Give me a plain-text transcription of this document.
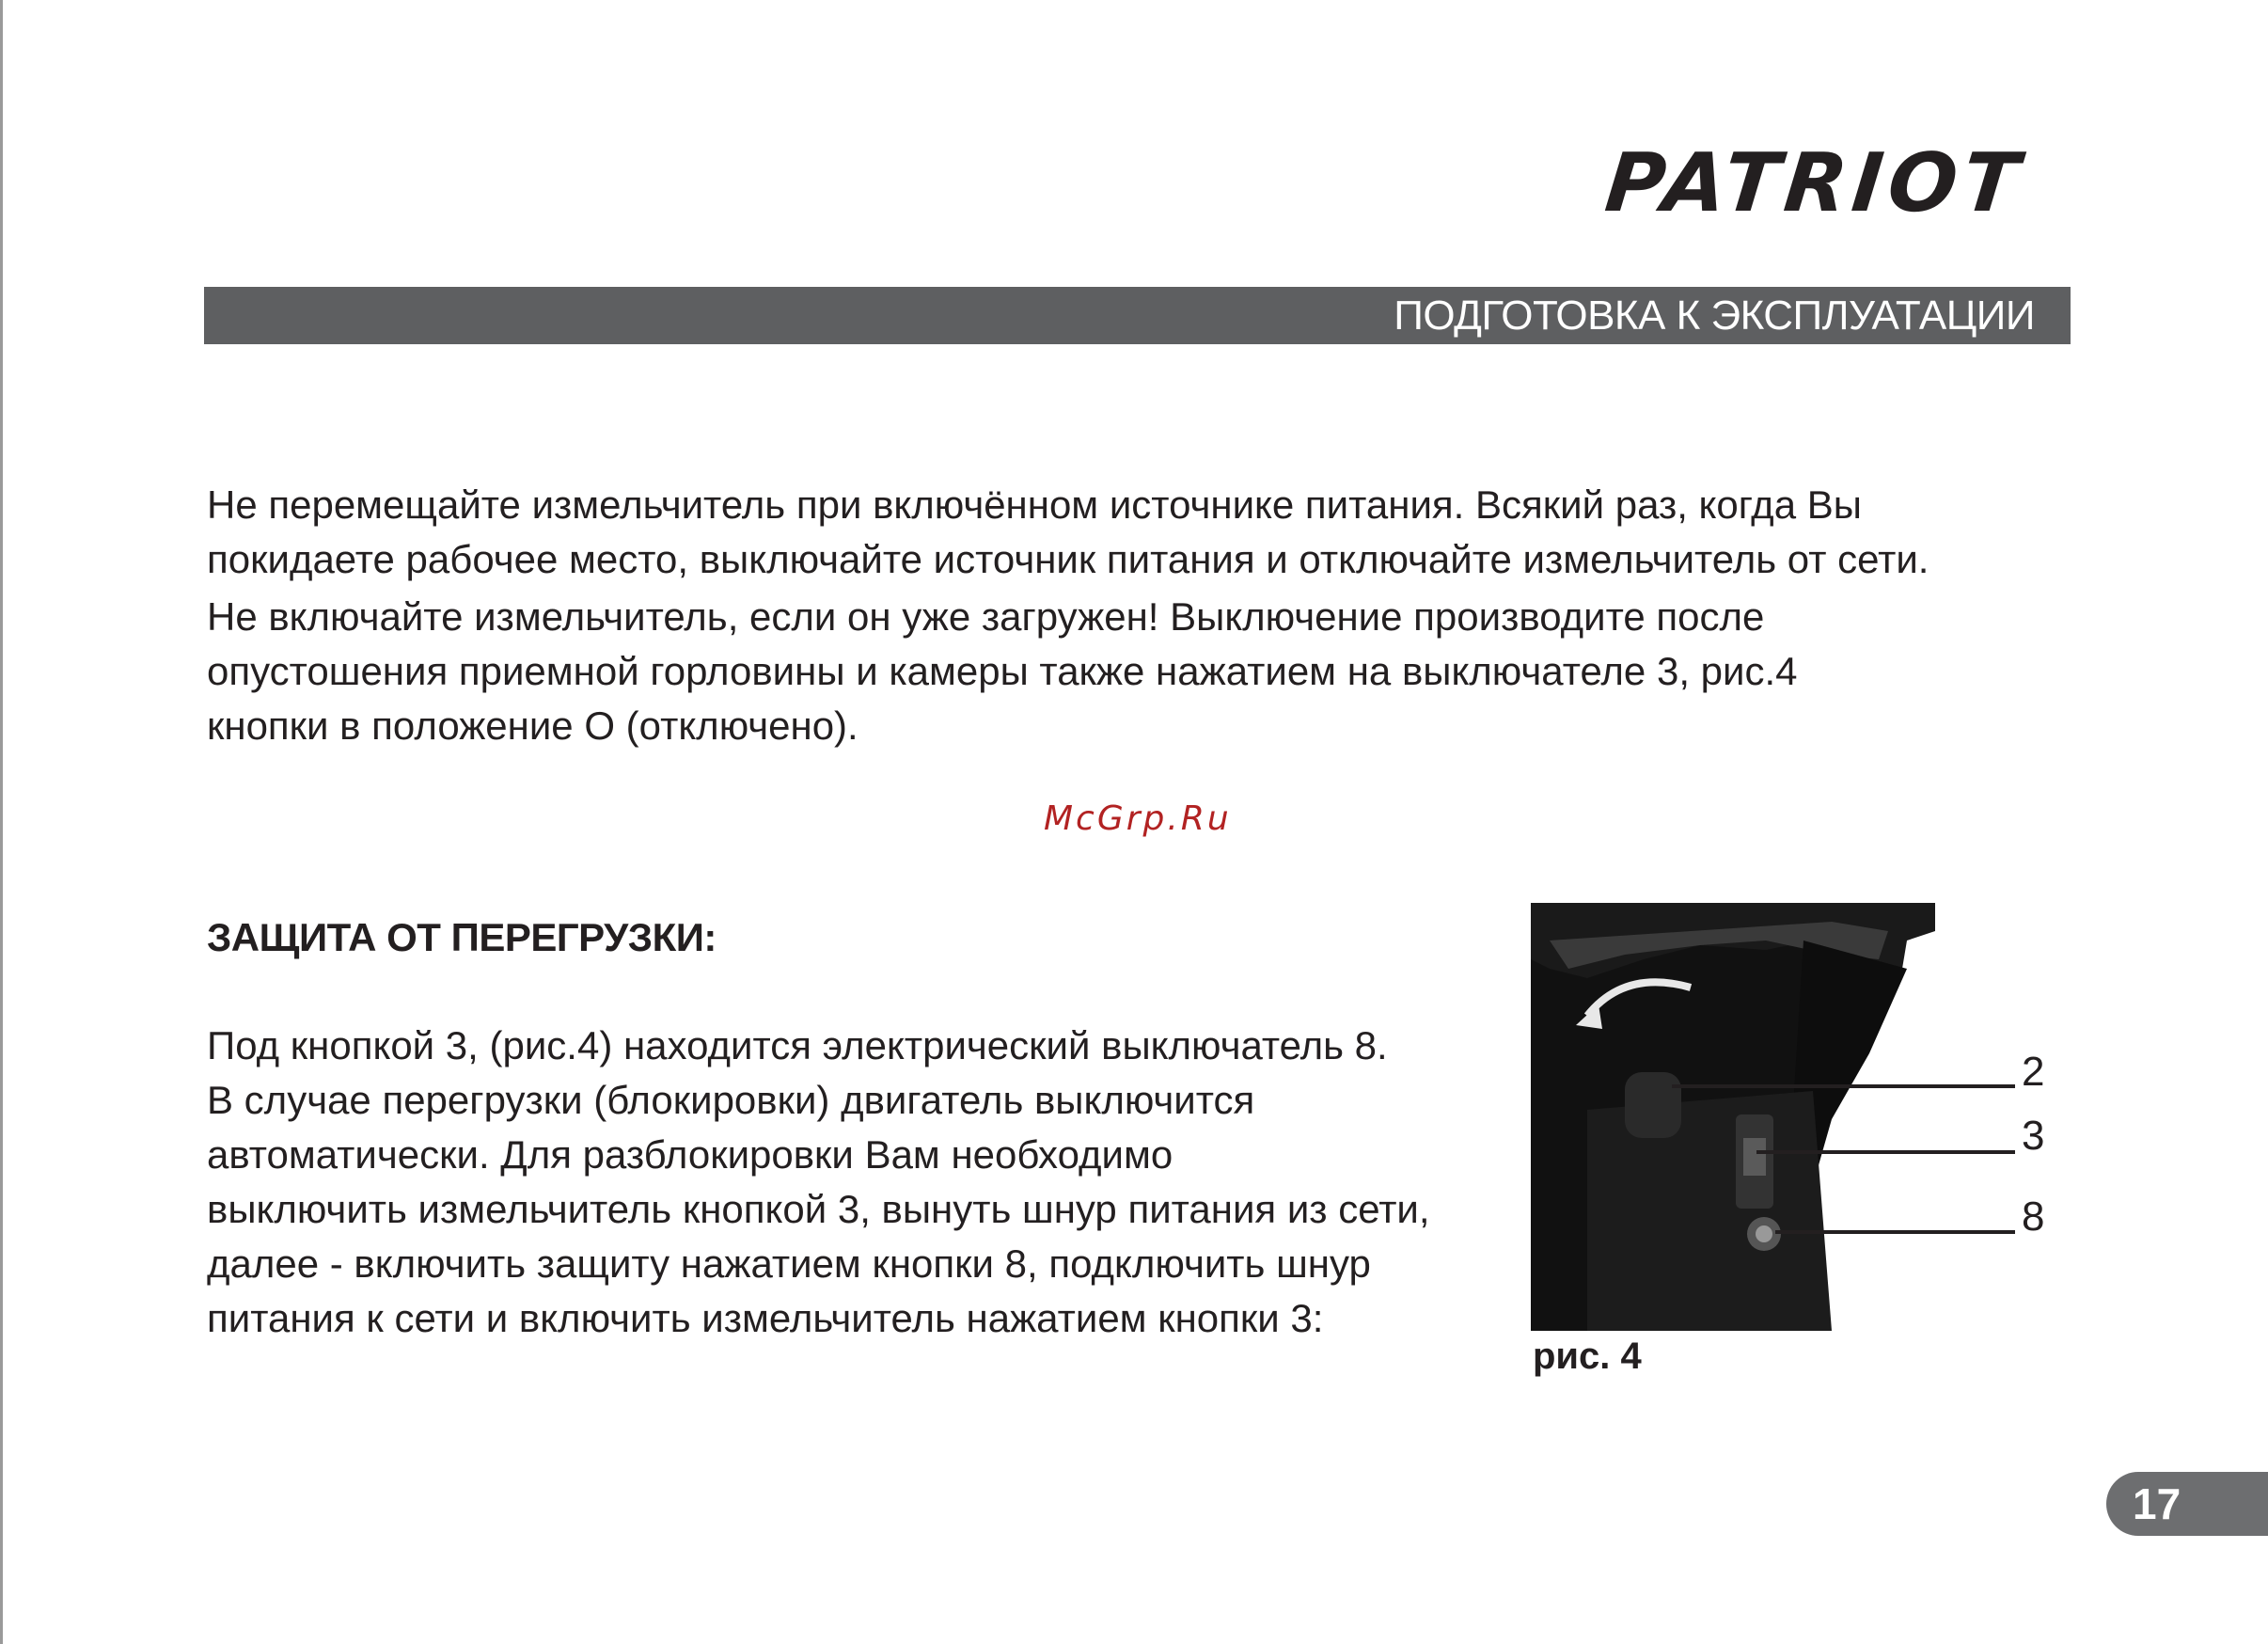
PATRIOT
ПОДГОТОВКА К ЭКСПЛУАТАЦИИ
Не перемещайте измельчитель при включённом источнике питания. Всякий раз, когда Вы
покидаете рабочее место, выключайте источник питания и отключайте измельчитель от сети.
Не включайте измельчитель, если он уже загружен! Выключение производите после
опустошения приемной горловины и камеры также нажатием на выключателе 3, рис.4
кнопки в положение О (отключено).
McGrp.Ru
ЗАЩИТА ОТ ПЕРЕГРУЗКИ:
Под кнопкой 3, (рис.4) находится электрический выключатель 8.
В случае перегрузки (блокировки) двигатель выключится
автоматически. Для разблокировки Вам необходимо
выключить измельчитель кнопкой 3, вынуть шнур питания из сети,
далее - включить защиту нажатием кнопки 8, подключить шнур
питания к сети и включить измельчитель нажатием кнопки 3:
2
3
8
рис. 4
17
